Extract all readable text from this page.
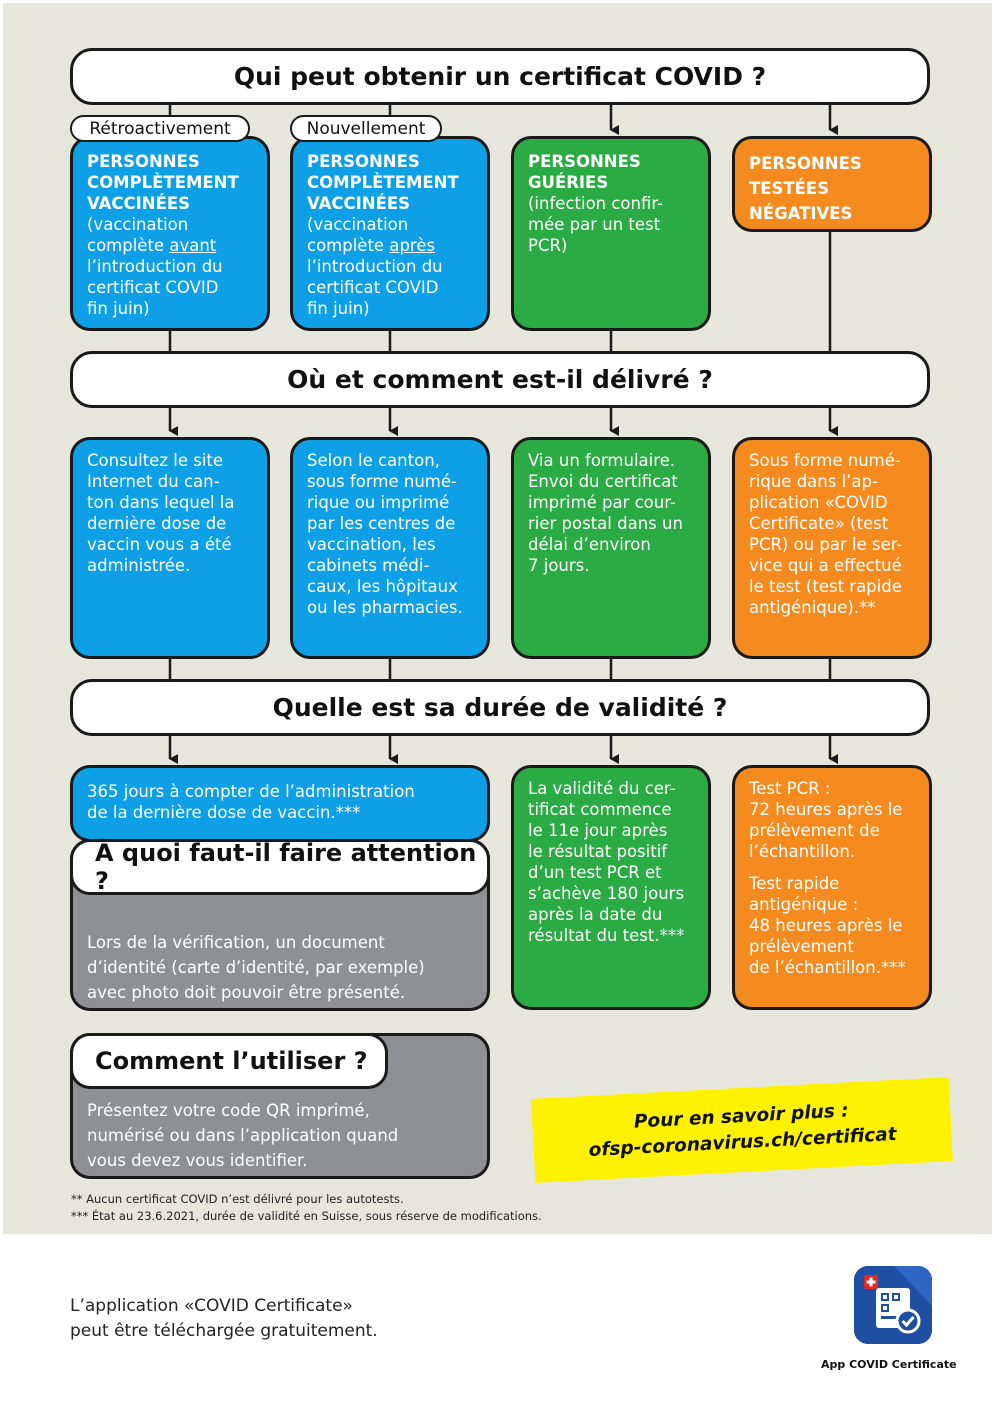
Qui peut obtenir un certificat COVID ?
Où et comment est-il délivré ?
Quelle est sa durée de validité ?
PERSONNES
COMPLÈTEMENT
VACCINÉES
(vaccination
complète avant
l’introduction du
certificat COVID
fin juin)
Rétroactivement
PERSONNES
COMPLÈTEMENT
VACCINÉES
(vaccination
complète après
l’introduction du
certificat COVID
fin juin)
Nouvellement
PERSONNES
GUÉRIES
(infection confir-
mée par un test
PCR)
PERSONNES
TESTÉES
NÉGATIVES
Consultez le site
Internet du can-
ton dans lequel la
dernière dose de
vaccin vous a été
administrée.
Selon le canton,
sous forme numé-
rique ou imprimé
par les centres de
vaccination, les
cabinets médi-
caux, les hôpitaux
ou les pharmacies.
Via un formulaire.
Envoi du certificat
imprimé par cour-
rier postal dans un
délai d’environ
7 jours.
Sous forme numé-
rique dans l’ap-
plication «COVID
Certificate» (test
PCR) ou par le ser-
vice qui a effectué
le test (test rapide
antigénique).**
365 jours à compter de l’administration
de la dernière dose de vaccin.***
La validité du cer-
tificat commence
le 11e jour après
le résultat positif
d’un test PCR et
s’achève 180 jours
après la date du
résultat du test.***
Test PCR :
72 heures après le
prélèvement de
l’échantillon.
Test rapide
antigénique :
48 heures après le
prélèvement
de l’échantillon.***
Lors de la vérification, un document
d’identité (carte d’identité, par exemple)
avec photo doit pouvoir être présenté.
À quoi faut-il faire attention ?
Présentez votre code QR imprimé,
numérisé ou dans l’application quand
vous devez vous identifier.
Comment l’utiliser ?
Pour en savoir plus :
ofsp-coronavirus.ch/certificat
** Aucun certificat COVID n’est délivré pour les autotests.
*** État au 23.6.2021, durée de validité en Suisse, sous réserve de modifications.
L’application «COVID Certificate»
peut être téléchargée gratuitement.
App COVID Certificate
